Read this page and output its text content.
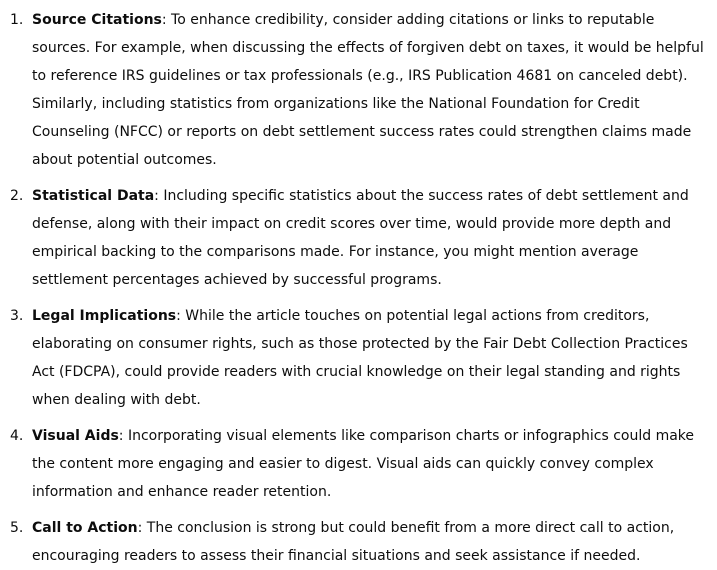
1. Source Citations: To enhance credibility, consider adding citations or links to reputable sources. For example, when discussing the effects of forgiven debt on taxes, it would be helpful to reference IRS guidelines or tax professionals (e.g., IRS Publication 4681 on canceled debt). Similarly, including statistics from organizations like the National Foundation for Credit Counseling (NFCC) or reports on debt settlement success rates could strengthen claims made about potential outcomes.
2. Statistical Data: Including specific statistics about the success rates of debt settlement and defense, along with their impact on credit scores over time, would provide more depth and empirical backing to the comparisons made. For instance, you might mention average settlement percentages achieved by successful programs.
3. Legal Implications: While the article touches on potential legal actions from creditors, elaborating on consumer rights, such as those protected by the Fair Debt Collection Practices Act (FDCPA), could provide readers with crucial knowledge on their legal standing and rights when dealing with debt.
4. Visual Aids: Incorporating visual elements like comparison charts or infographics could make the content more engaging and easier to digest. Visual aids can quickly convey complex information and enhance reader retention.
5. Call to Action: The conclusion is strong but could benefit from a more direct call to action, encouraging readers to assess their financial situations and seek assistance if needed.
